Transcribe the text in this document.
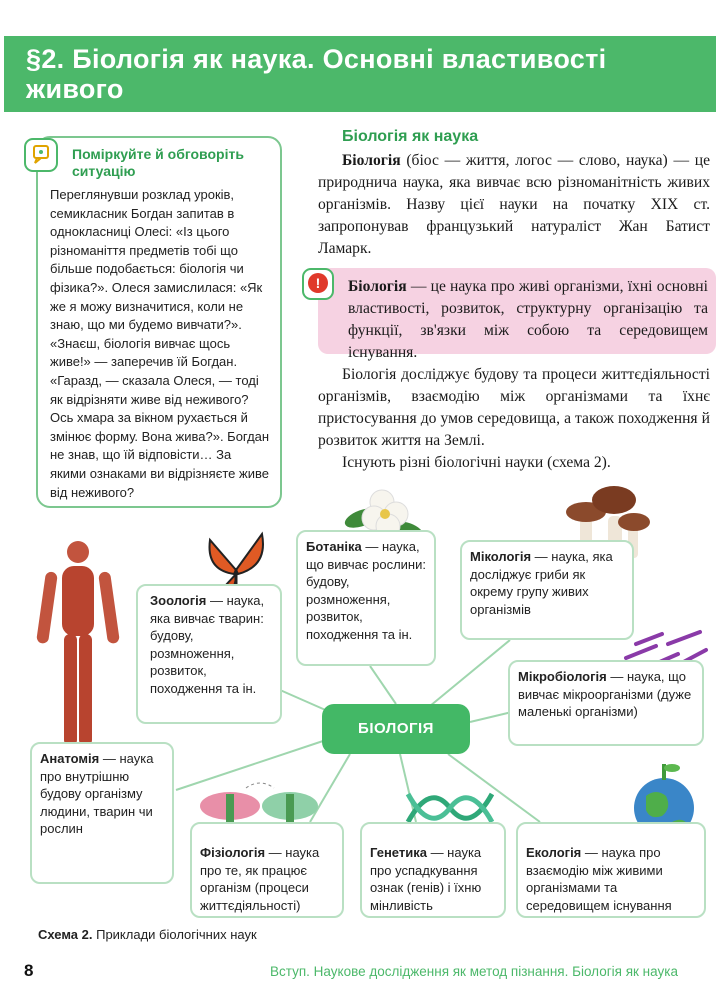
§2. Біологія як наука. Основні властивості живого
Поміркуйте й обговоріть ситуацію
Переглянувши розклад уроків, семикласник Богдан запитав в однокласниці Олесі: «Із цього різноманіття предметів тобі що більше подобається: біологія чи фізика?». Олеся замислилася: «Як же я можу визначитися, коли не знаю, що ми будемо вивчати?». «Знаєш, біологія вивчає щось живе!» — заперечив їй Богдан. «Гаразд, — сказала Олеся, — тоді як відрізняти живе від неживого? Ось хмара за вікном рухається й змінює форму. Вона жива?». Богдан не знав, що їй відповісти… За якими ознаками ви відрізняєте живе від неживого?
Біологія як наука

Біологія (біос — життя, логос — слово, наука) — це природнича наука, яка вивчає всю різноманітність живих організмів. Назву цієї науки на початку XIX ст. запропонував французький натураліст Жан Батист Ламарк.

!	Біологія — це наука про живі організми, їхні основні властивості, розвиток, структурну організацію та функції, зв'язки між собою та середовищем існування.

Біологія досліджує будову та процеси життєдіяльності організмів, взаємодію між організмами та їхнє пристосування до умов середовища, а також походження й розвиток життя на Землі.

Існують різні біологічні науки (схема 2).

Ботаніка — наука, що вивчає рослини: будову, розмноження, розвиток, походження та ін.
Мікологія — наука, яка досліджує гриби як окрему групу живих організмів
Зоологія — наука, яка вивчає тварин: будову, розмноження, розвиток, походження та ін.
Мікробіологія — наука, що вивчає мікроорганізми (дуже маленькі організми)
БІОЛОГІЯ
Анатомія — наука про внутрішню будову організму людини, тварин чи рослин
Фізіологія — наука про те, як працює організм (процеси життєдіяльності)
Генетика — наука про успадкування ознак (генів) і їхню мінливість
Екологія — наука про взаємодію між живими організмами та середовищем існування
Схема 2. Приклади біологічних наук
8	Вступ. Наукове дослідження як метод пізнання. Біологія як наука
